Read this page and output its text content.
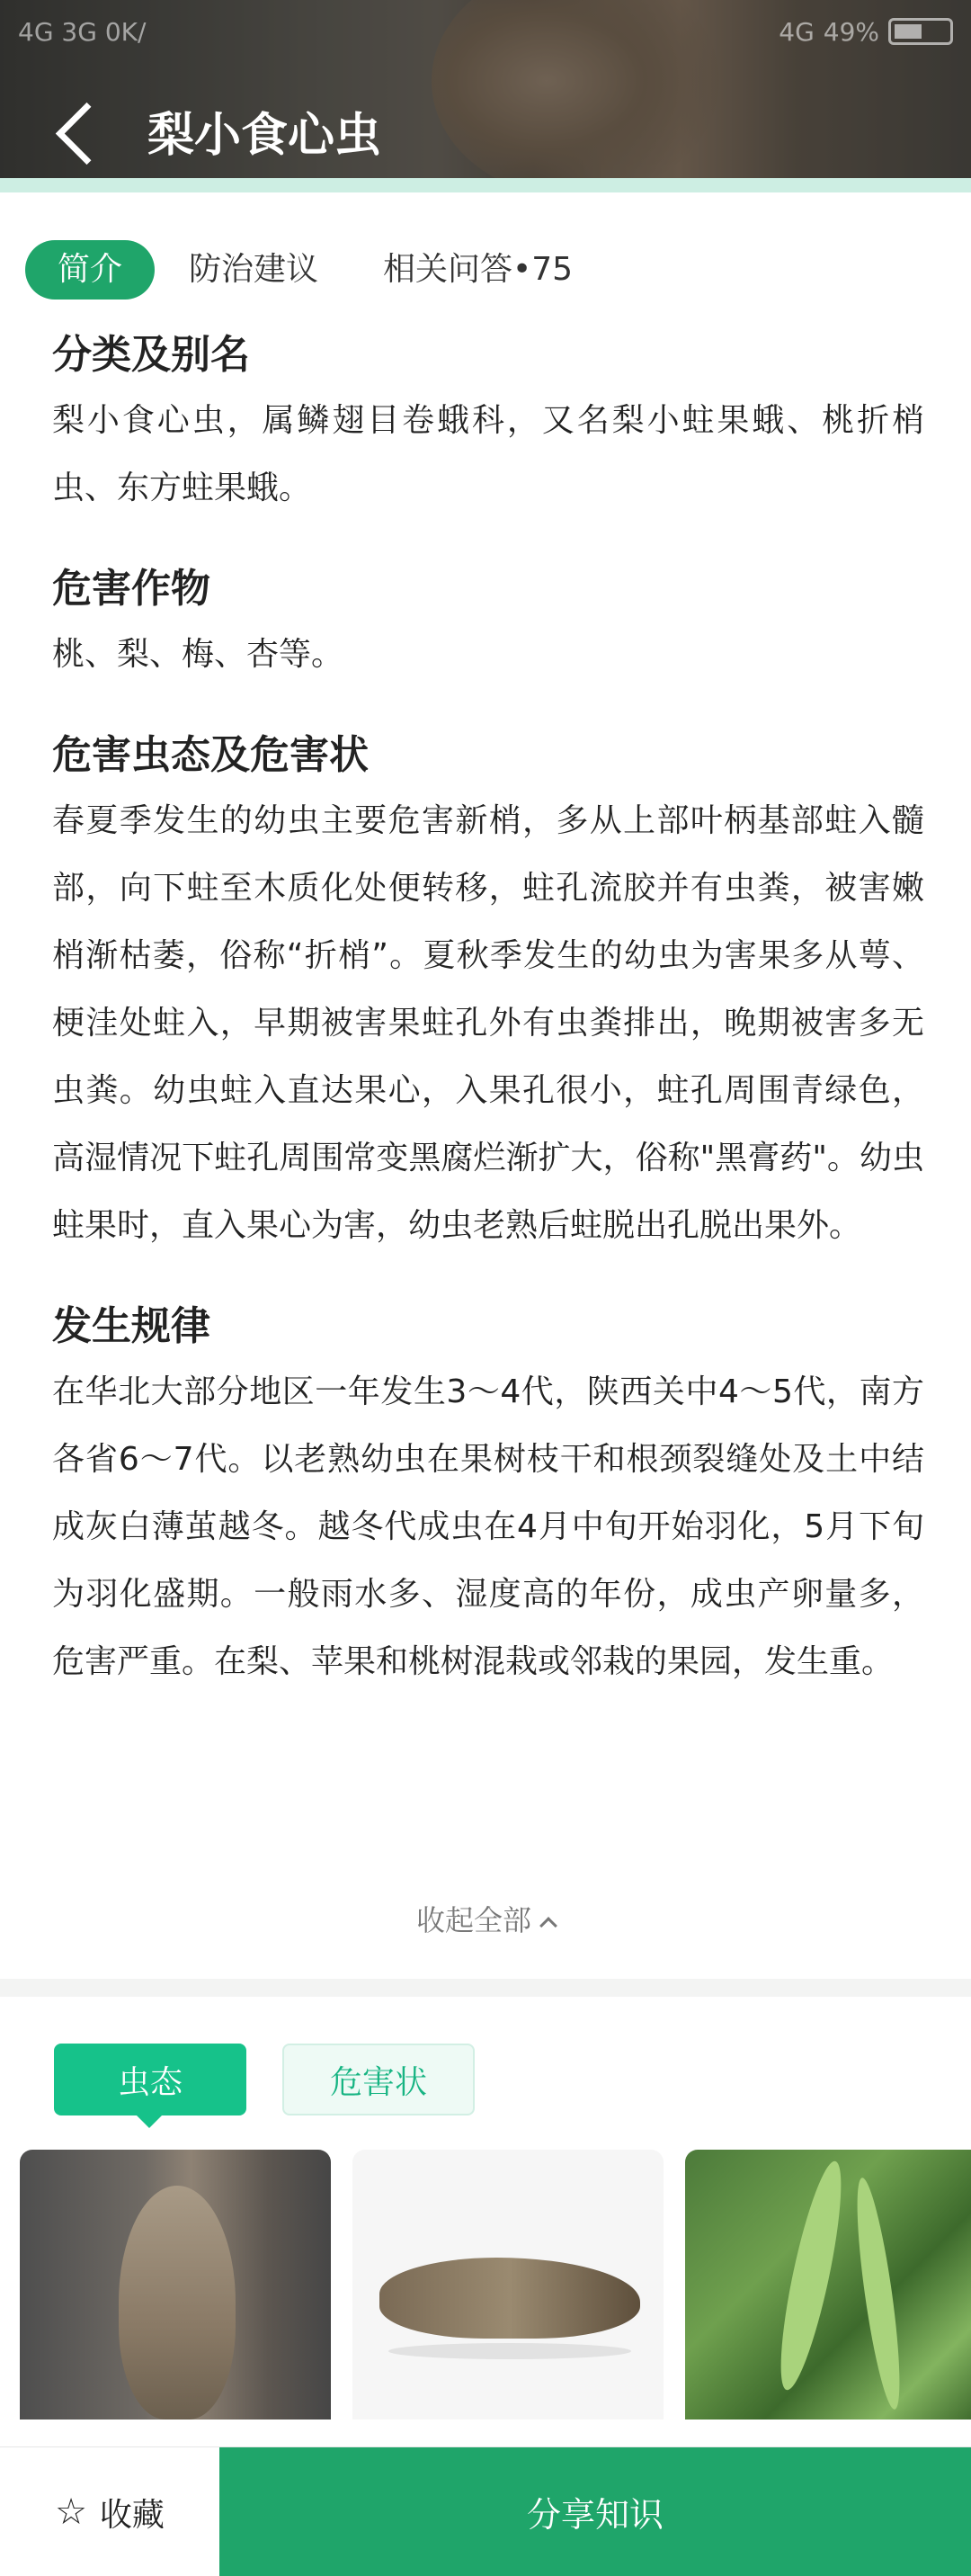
4G 3G 0K/	4G 49%
梨小食心虫
简介	防治建议 相关问答•75
分类及别名

梨小食心虫，属鳞翅目卷蛾科，又名梨小蛀果蛾、桃折梢虫、东方蛀果蛾。

危害作物

桃、梨、梅、杏等。

危害虫态及危害状

春夏季发生的幼虫主要危害新梢，多从上部叶柄基部蛀入髓部，向下蛀至木质化处便转移，蛀孔流胶并有虫粪，被害嫩梢渐枯萎，俗称“折梢”。夏秋季发生的幼虫为害果多从萼、梗洼处蛀入，早期被害果蛀孔外有虫粪排出，晚期被害多无虫粪。幼虫蛀入直达果心，入果孔很小，蛀孔周围青绿色，高湿情况下蛀孔周围常变黑腐烂渐扩大，俗称"黑膏药"。幼虫蛀果时，直入果心为害，幼虫老熟后蛀脱出孔脱出果外。

发生规律

在华北大部分地区一年发生3～4代，陕西关中4～5代，南方各省6～7代。以老熟幼虫在果树枝干和根颈裂缝处及土中结成灰白薄茧越冬。越冬代成虫在4月中旬开始羽化，5月下旬为羽化盛期。一般雨水多、湿度高的年份，成虫产卵量多，危害严重。在梨、苹果和桃树混栽或邻栽的果园，发生重。

收起全部
虫态	危害状
☆ 收藏	分享知识
